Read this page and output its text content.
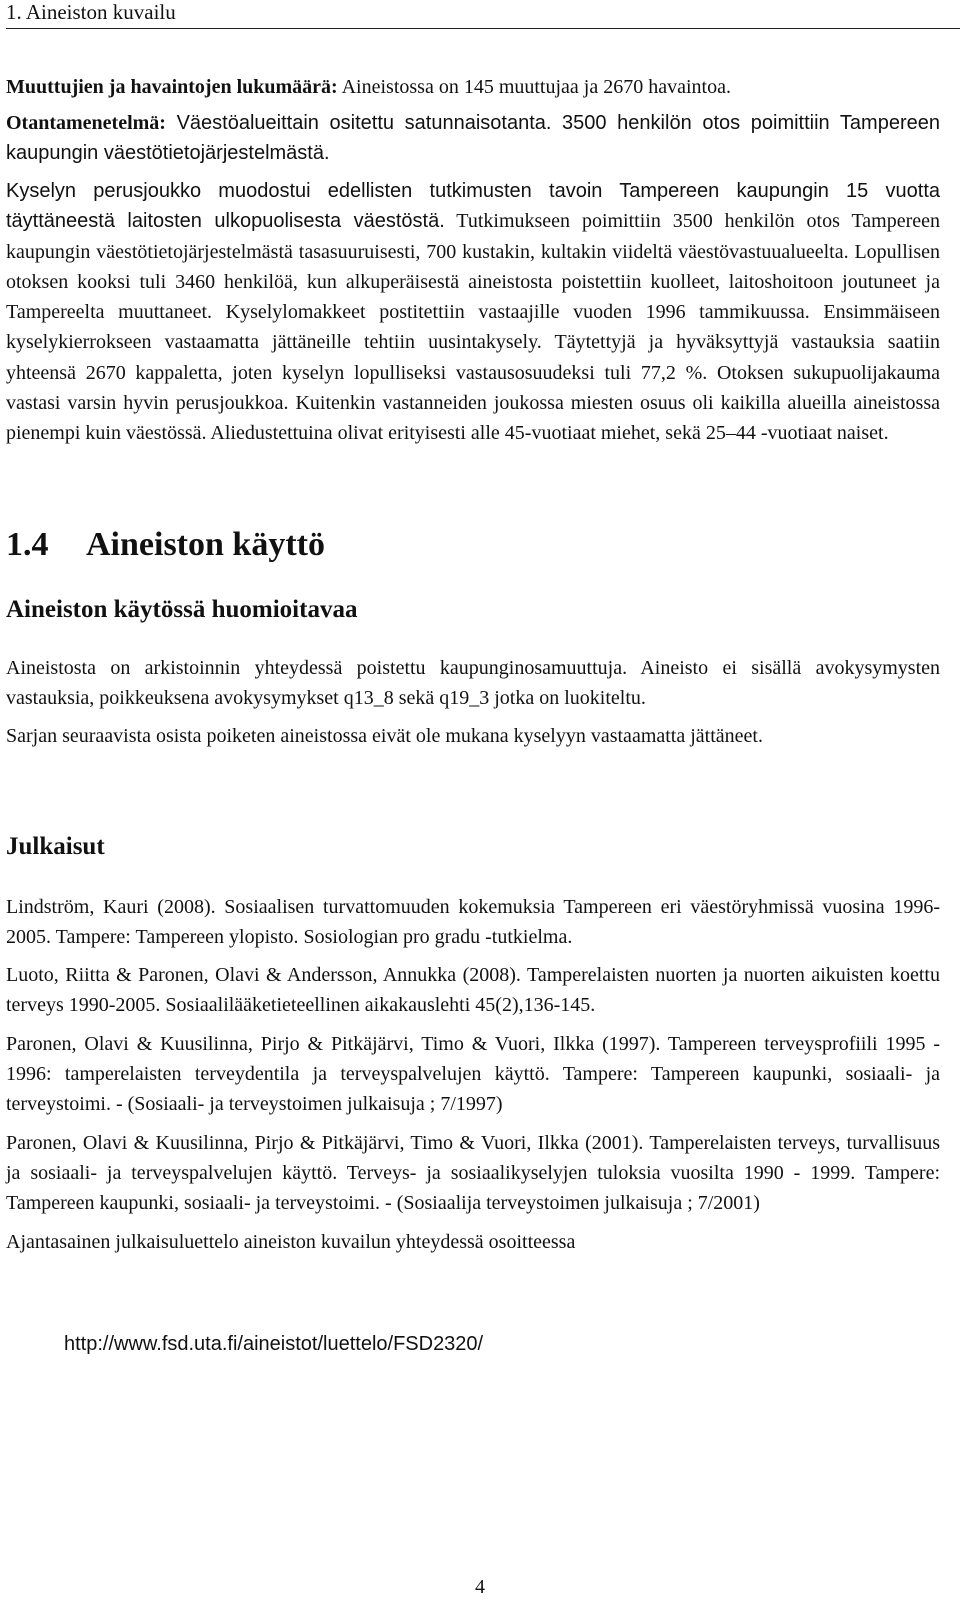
1. Aineiston kuvailu

Muuttujien ja havaintojen lukumäärä: Aineistossa on 145 muuttujaa ja 2670 havaintoa.

Otantamenetelmä: Väestöalueittain ositettu satunnaisotanta. 3500 henkilön otos poimittiin Tampereen kaupungin väestötietojärjestelmästä.

Kyselyn perusjoukko muodostui edellisten tutkimusten tavoin Tampereen kaupungin 15 vuotta täyttäneestä laitosten ulkopuolisesta väestöstä. Tutkimukseen poimittiin 3500 henkilön otos Tampereen kaupungin väestötietojärjestelmästä tasasuuruisesti, 700 kustakin, kultakin viideltä väestövastuualueelta. Lopullisen otoksen kooksi tuli 3460 henkilöä, kun alkuperäisestä aineistosta poistettiin kuolleet, laitoshoitoon joutuneet ja Tampereelta muuttaneet. Kyselylomakkeet postitettiin vastaajille vuoden 1996 tammikuussa. Ensimmäiseen kyselykierrokseen vastaamatta jättäneille tehtiin uusintakysely. Täytettyjä ja hyväksyttyjä vastauksia saatiin yhteensä 2670 kappaletta, joten kyselyn lopulliseksi vastausosuudeksi tuli 77,2 %. Otoksen sukupuolijakauma vastasi varsin hyvin perusjoukkoa. Kuitenkin vastanneiden joukossa miesten osuus oli kaikilla alueilla aineistossa pienempi kuin väestössä. Aliedustettuina olivat erityisesti alle 45-vuotiaat miehet, sekä 25–44 -vuotiaat naiset.

1.4 Aineiston käyttö
Aineiston käytössä huomioitavaa

Aineistosta on arkistoinnin yhteydessä poistettu kaupunginosamuuttuja. Aineisto ei sisällä avokysymysten vastauksia, poikkeuksena avokysymykset q13_8 sekä q19_3 jotka on luokiteltu.

Sarjan seuraavista osista poiketen aineistossa eivät ole mukana kyselyyn vastaamatta jättäneet.

Julkaisut

Lindström, Kauri (2008). Sosiaalisen turvattomuuden kokemuksia Tampereen eri väestöryhmissä vuosina 1996-2005. Tampere: Tampereen ylopisto. Sosiologian pro gradu -tutkielma.

Luoto, Riitta & Paronen, Olavi & Andersson, Annukka (2008). Tamperelaisten nuorten ja nuorten aikuisten koettu terveys 1990-2005. Sosiaalilääketieteellinen aikakauslehti 45(2),136-145.

Paronen, Olavi & Kuusilinna, Pirjo & Pitkäjärvi, Timo & Vuori, Ilkka (1997). Tampereen terveysprofiili 1995 - 1996: tamperelaisten terveydentila ja terveyspalvelujen käyttö. Tampere: Tampereen kaupunki, sosiaali- ja terveystoimi. - (Sosiaali- ja terveystoimen julkaisuja ; 7/1997)

Paronen, Olavi & Kuusilinna, Pirjo & Pitkäjärvi, Timo & Vuori, Ilkka (2001). Tamperelaisten terveys, turvallisuus ja sosiaali- ja terveyspalvelujen käyttö. Terveys- ja sosiaalikyselyjen tuloksia vuosilta 1990 - 1999. Tampere: Tampereen kaupunki, sosiaali- ja terveystoimi. - (Sosiaalija terveystoimen julkaisuja ; 7/2001)

Ajantasainen julkaisuluettelo aineiston kuvailun yhteydessä osoitteessa

http://www.fsd.uta.fi/aineistot/luettelo/FSD2320/
4
